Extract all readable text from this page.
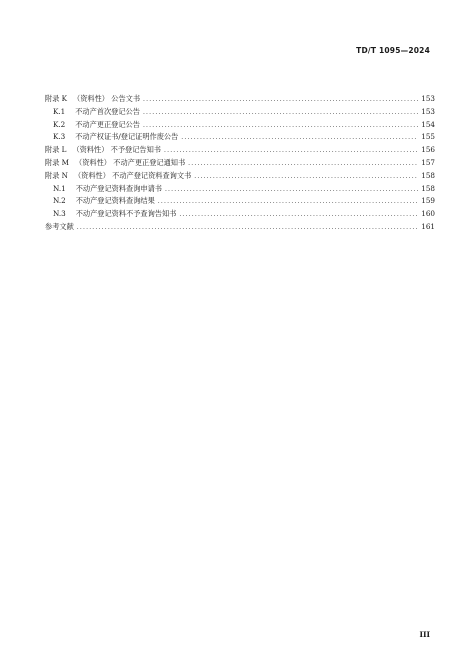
TD/T 1095—2024
附录 K （资料性） 公告文书 .....	153
K.1 不动产首次登记公告 .....	153
K.2 不动产更正登记公告 .....	154
K.3 不动产权证书/登记证明作废公告 .....	155
附录 L （资料性） 不予登记告知书 .....	156
附录 M （资料性） 不动产更正登记通知书 .....	157
附录 N （资料性） 不动产登记资料查询文书 .....	158
N.1 不动产登记资料查询申请书 .....	158
N.2 不动产登记资料查询结果 .....	159
N.3 不动产登记资料不予查询告知书 .....	160
参考文献 .....	161
III
